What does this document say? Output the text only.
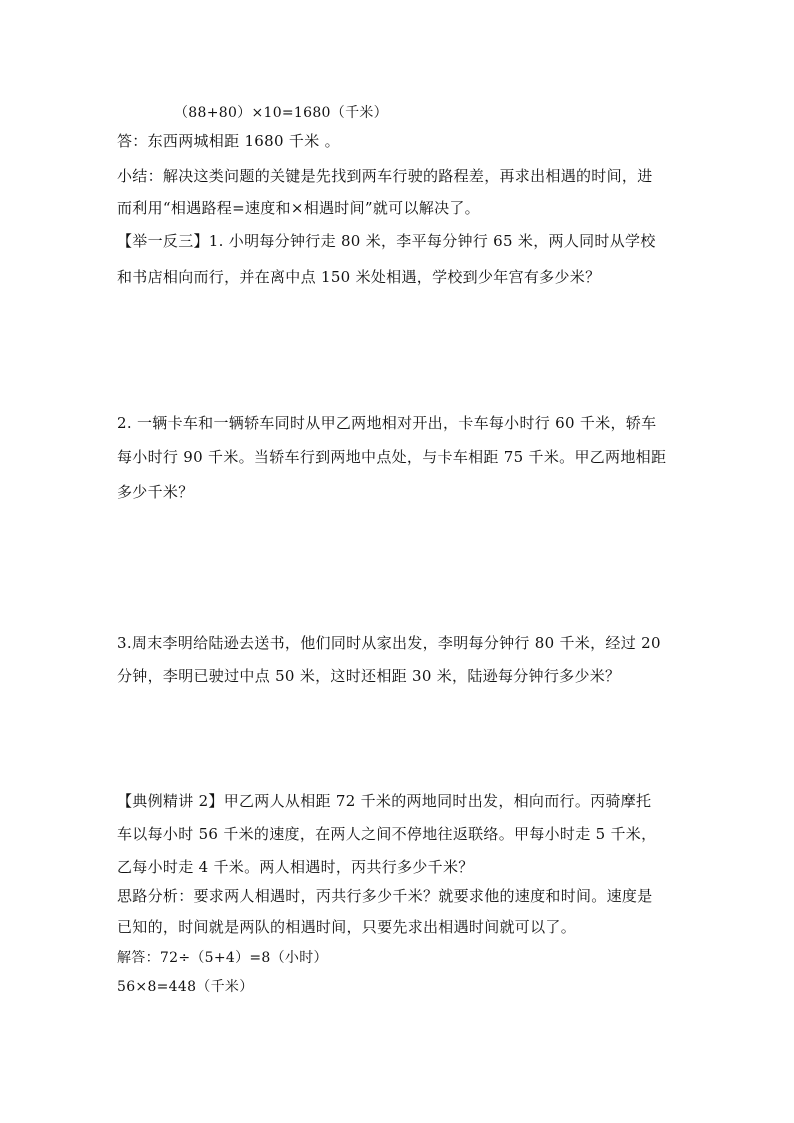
（88+80）×10=1680（千米）
答：东西两城相距 1680 千米 。
小结：解决这类问题的关键是先找到两车行驶的路程差，再求出相遇的时间，进
而利用“相遇路程=速度和×相遇时间”就可以解决了。
【举一反三】1. 小明每分钟行走 80 米，李平每分钟行 65 米，两人同时从学校
和书店相向而行，并在离中点 150 米处相遇，学校到少年宫有多少米？
2. 一辆卡车和一辆轿车同时从甲乙两地相对开出，卡车每小时行 60 千米，轿车
每小时行 90 千米。当轿车行到两地中点处，与卡车相距 75 千米。甲乙两地相距
多少千米？
3.周末李明给陆逊去送书，他们同时从家出发，李明每分钟行 80 千米，经过 20
分钟，李明已驶过中点 50 米，这时还相距 30 米，陆逊每分钟行多少米？
【典例精讲 2】甲乙两人从相距 72 千米的两地同时出发，相向而行。丙骑摩托
车以每小时 56 千米的速度，在两人之间不停地往返联络。甲每小时走 5 千米，
乙每小时走 4 千米。两人相遇时，丙共行多少千米？
思路分析：要求两人相遇时，丙共行多少千米？就要求他的速度和时间。速度是
已知的，时间就是两队的相遇时间，只要先求出相遇时间就可以了。
解答：72÷（5+4）=8（小时）
56×8=448（千米）
